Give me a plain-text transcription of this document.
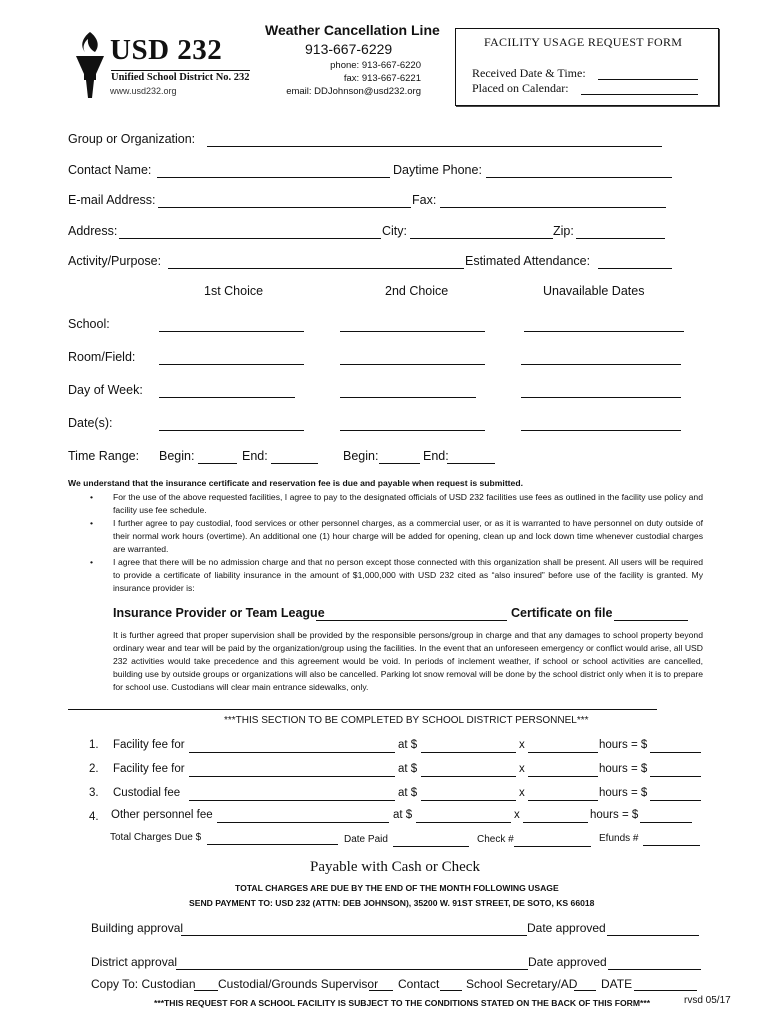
USD 232
Unified School District No. 232
www.usd232.org
Weather Cancellation Line
913-667-6229
phone: 913-667-6220
fax: 913-667-6221
email: DDJohnson@usd232.org
FACILITY USAGE REQUEST FORM
Received Date & Time:
Placed on Calendar:
Group or Organization:
Contact Name:	Daytime Phone:
E-mail Address:	Fax:
Address:	City:	Zip:
Activity/Purpose:	Estimated Attendance:
1st Choice	2nd Choice	Unavailable Dates
School:
Room/Field:
Day of Week:
Date(s):
Time Range: Begin:	End:	Begin:	End:
We understand that the insurance certificate and reservation fee is due and payable when request is submitted.
• For the use of the above requested facilities, I agree to pay to the designated officials of USD 232 facilities use fees as outlined in the facility use policy and facility use fee schedule.
• I further agree to pay custodial, food services or other personnel charges, as a commercial user, or as it is warranted to have personnel on duty outside of their normal work hours (overtime). An additional one (1) hour charge will be added for opening, clean up and lock down time whenever custodial charges are warranted.
• I agree that there will be no admission charge and that no person except those connected with this organization shall be present. All users will be required to provide a certificate of liability insurance in the amount of $1,000,000 with USD 232 cited as “also insured” before use of the facility is granted. My insurance provider is:
Insurance Provider or Team League	Certificate on file
It is further agreed that proper supervision shall be provided by the responsible persons/group in charge and that any damages to school property beyond ordinary wear and tear will be paid by the organization/group using the facilities. In the event that an unforeseen emergency or conflict would arise, all USD 232 activities would take precedence and this agreement would be void. In periods of inclement weather, if school or school activities are cancelled, building use by outside groups or organizations will also be cancelled. Parking lot snow removal will be done by the school district only when it is to prepare for school use. Custodians will clear main entrance sidewalks, only.
***THIS SECTION TO BE COMPLETED BY SCHOOL DISTRICT PERSONNEL***
1. Facility fee for	at $	x	hours = $
2. Facility fee for	at $	x	hours = $
3. Custodial fee	at $	x	hours = $
4. Other personnel fee	at $	x	hours = $
Total Charges Due $	Date Paid	Check #	Efunds #
Payable with Cash or Check
TOTAL CHARGES ARE DUE BY THE END OF THE MONTH FOLLOWING USAGE
SEND PAYMENT TO: USD 232 (ATTN: DEB JOHNSON), 35200 W. 91ST STREET, DE SOTO, KS 66018
Building approval	Date approved
District approval	Date approved
Copy To: Custodian Custodial/Grounds Supervisor Contact School Secretary/AD DATE
***THIS REQUEST FOR A SCHOOL FACILITY IS SUBJECT TO THE CONDITIONS STATED ON THE BACK OF THIS FORM***	rvsd 05/17
